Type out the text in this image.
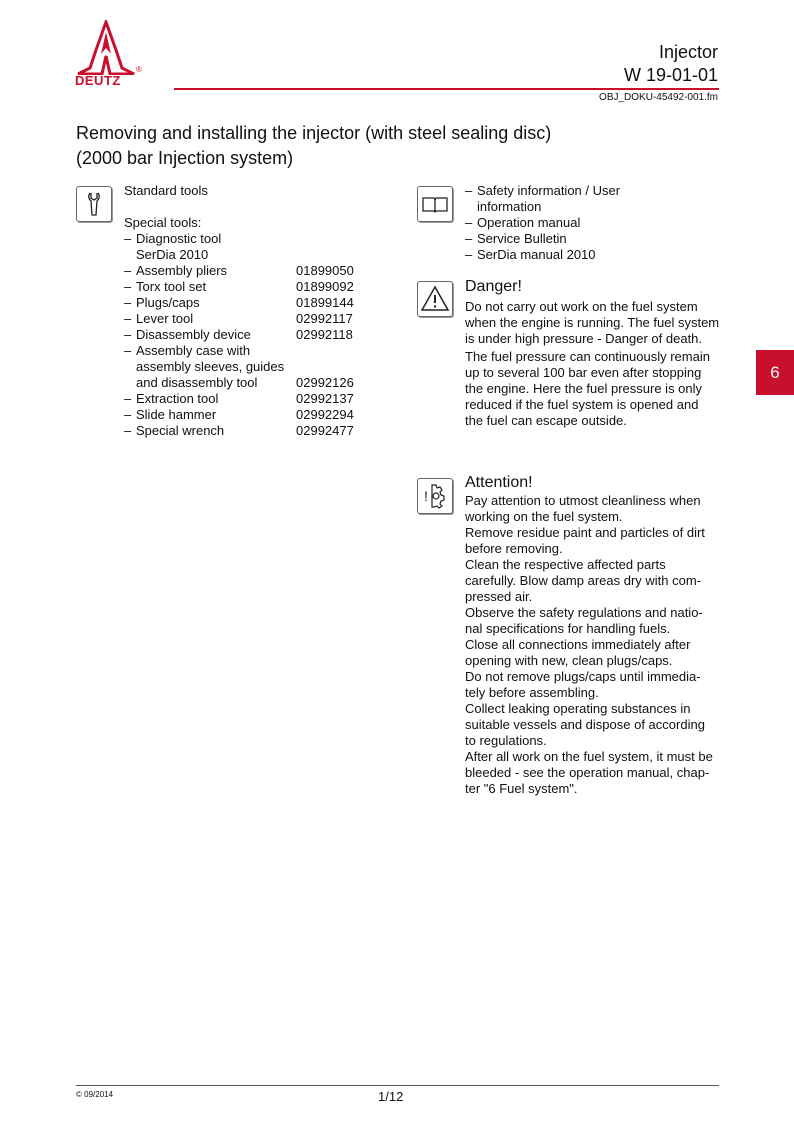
DEUTZ
®
Injector
W 19-01-01
OBJ_DOKU-45492-001.fm
Removing and installing the injector (with steel sealing disc)
(2000 bar Injection system)
Standard tools
Special tools:
– Diagnostic tool
SerDia 2010
– Assembly pliers	01899050
– Torx tool set	01899092
– Plugs/caps	01899144
– Lever tool	02992117
– Disassembly device	02992118
– Assembly case with
assembly sleeves, guides
and disassembly tool	02992126
– Extraction tool	02992137
– Slide hammer	02992294
– Special wrench	02992477
– Safety information / User
information
– Operation manual
– Service Bulletin
– SerDia manual 2010
Danger!

Do not carry out work on the fuel system when the engine is running. The fuel system is under high pressure - Danger of death.

The fuel pressure can continuously remain up to several 100 bar even after stopping the engine. Here the fuel pressure is only reduced if the fuel system is opened and the fuel can escape outside.

!
Attention!
Pay attention to utmost cleanliness when
working on the fuel system.
Remove residue paint and particles of dirt
before removing.
Clean the respective affected parts
carefully. Blow damp areas dry with com-
pressed air.
Observe the safety regulations and natio-
nal specifications for handling fuels.
Close all connections immediately after
opening with new, clean plugs/caps.
Do not remove plugs/caps until immedia-
tely before assembling.
Collect leaking operating substances in
suitable vessels and dispose of according
to regulations.
After all work on the fuel system, it must be
bleeded - see the operation manual, chap-
ter "6 Fuel system".
6
© 09/2014	1/12
